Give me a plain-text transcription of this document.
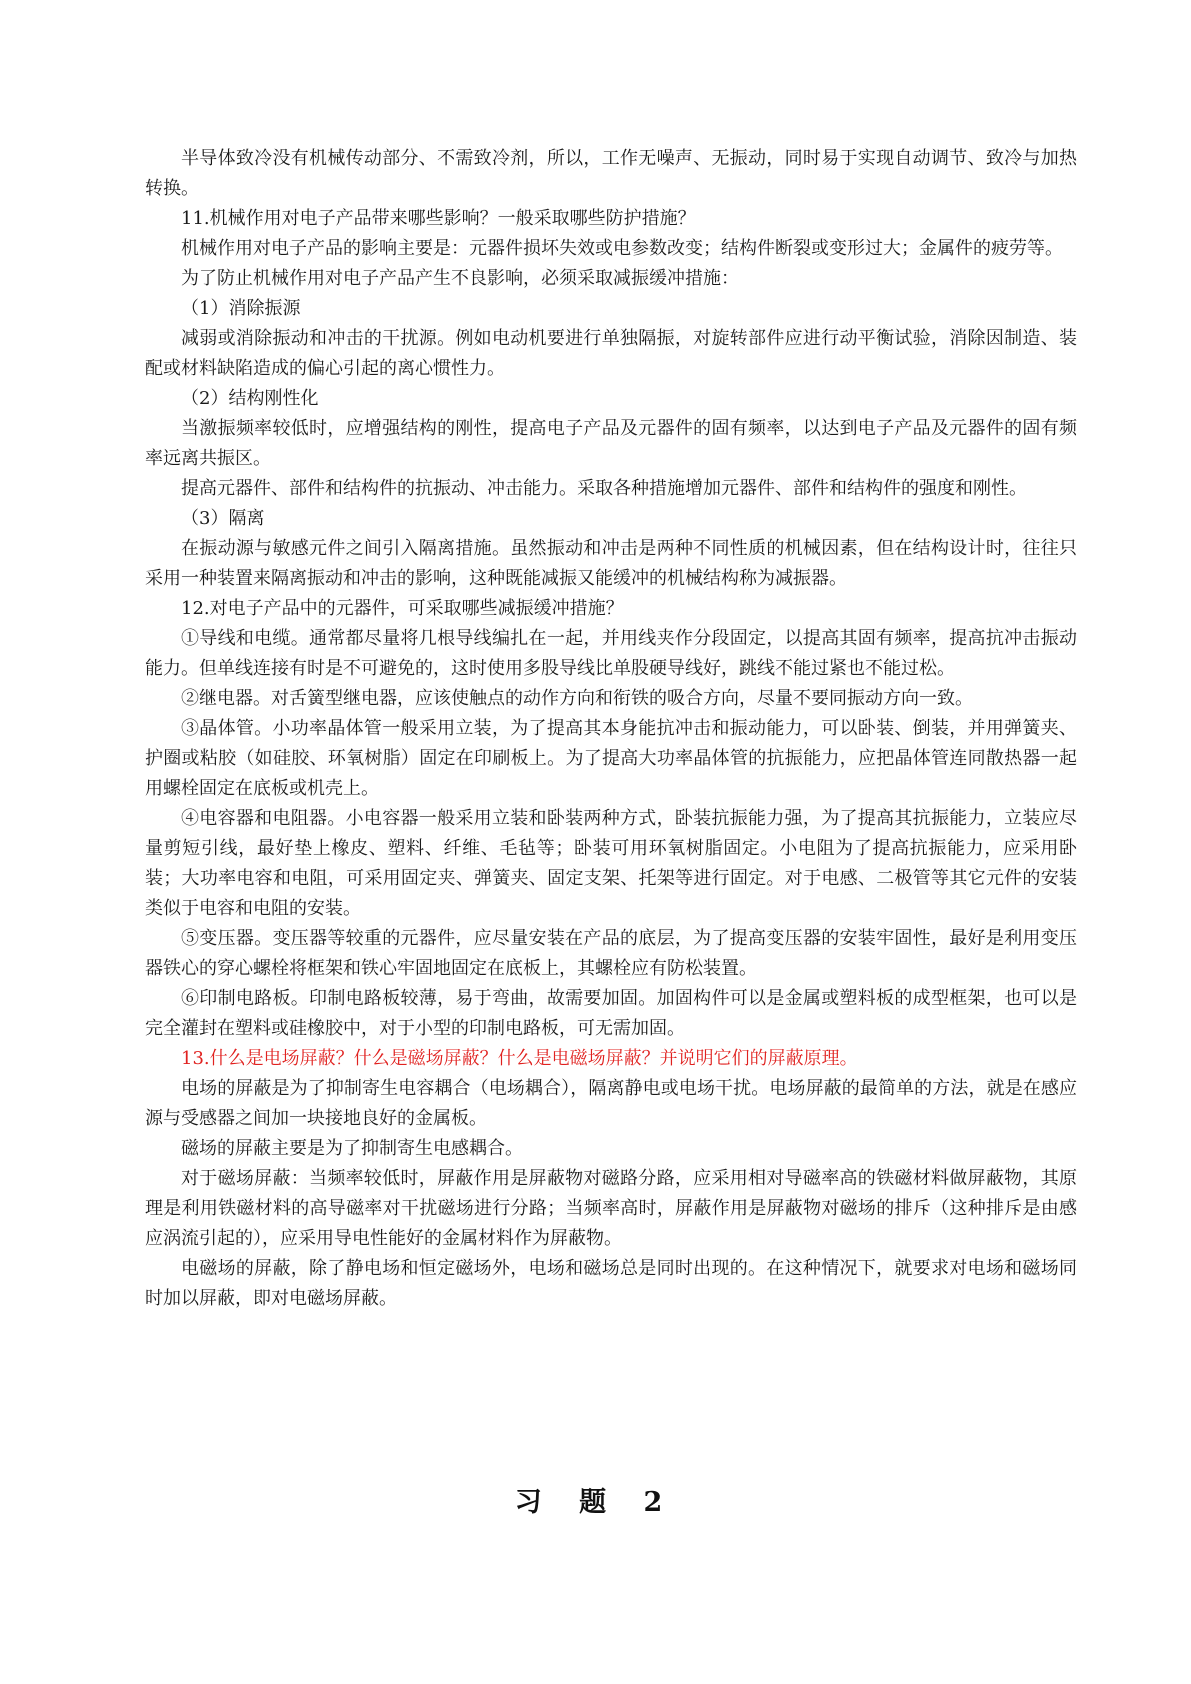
半导体致冷没有机械传动部分、不需致冷剂，所以，工作无噪声、无振动，同时易于实现自动调节、致冷与加热转换。

11.机械作用对电子产品带来哪些影响？一般采取哪些防护措施？

机械作用对电子产品的影响主要是：元器件损坏失效或电参数改变；结构件断裂或变形过大；金属件的疲劳等。

为了防止机械作用对电子产品产生不良影响，必须采取减振缓冲措施：

（1）消除振源

减弱或消除振动和冲击的干扰源。例如电动机要进行单独隔振，对旋转部件应进行动平衡试验，消除因制造、装配或材料缺陷造成的偏心引起的离心惯性力。

（2）结构刚性化

当激振频率较低时，应增强结构的刚性，提高电子产品及元器件的固有频率，以达到电子产品及元器件的固有频率远离共振区。

提高元器件、部件和结构件的抗振动、冲击能力。采取各种措施增加元器件、部件和结构件的强度和刚性。

（3）隔离

在振动源与敏感元件之间引入隔离措施。虽然振动和冲击是两种不同性质的机械因素，但在结构设计时，往往只采用一种装置来隔离振动和冲击的影响，这种既能减振又能缓冲的机械结构称为减振器。

12.对电子产品中的元器件，可采取哪些减振缓冲措施？

①导线和电缆。通常都尽量将几根导线编扎在一起，并用线夹作分段固定，以提高其固有频率，提高抗冲击振动能力。但单线连接有时是不可避免的，这时使用多股导线比单股硬导线好，跳线不能过紧也不能过松。

②继电器。对舌簧型继电器，应该使触点的动作方向和衔铁的吸合方向，尽量不要同振动方向一致。

③晶体管。小功率晶体管一般采用立装，为了提高其本身能抗冲击和振动能力，可以卧装、倒装，并用弹簧夹、护圈或粘胶（如硅胶、环氧树脂）固定在印刷板上。为了提高大功率晶体管的抗振能力，应把晶体管连同散热器一起用螺栓固定在底板或机壳上。

④电容器和电阻器。小电容器一般采用立装和卧装两种方式，卧装抗振能力强，为了提高其抗振能力，立装应尽量剪短引线，最好垫上橡皮、塑料、纤维、毛毡等；卧装可用环氧树脂固定。小电阻为了提高抗振能力，应采用卧装；大功率电容和电阻，可采用固定夹、弹簧夹、固定支架、托架等进行固定。对于电感、二极管等其它元件的安装类似于电容和电阻的安装。

⑤变压器。变压器等较重的元器件，应尽量安装在产品的底层，为了提高变压器的安装牢固性，最好是利用变压器铁心的穿心螺栓将框架和铁心牢固地固定在底板上，其螺栓应有防松装置。

⑥印制电路板。印制电路板较薄，易于弯曲，故需要加固。加固构件可以是金属或塑料板的成型框架，也可以是完全灌封在塑料或硅橡胶中，对于小型的印制电路板，可无需加固。

13.什么是电场屏蔽？什么是磁场屏蔽？什么是电磁场屏蔽？并说明它们的屏蔽原理。

电场的屏蔽是为了抑制寄生电容耦合（电场耦合），隔离静电或电场干扰。电场屏蔽的最简单的方法，就是在感应源与受感器之间加一块接地良好的金属板。

磁场的屏蔽主要是为了抑制寄生电感耦合。

对于磁场屏蔽：当频率较低时，屏蔽作用是屏蔽物对磁路分路，应采用相对导磁率高的铁磁材料做屏蔽物，其原理是利用铁磁材料的高导磁率对干扰磁场进行分路；当频率高时，屏蔽作用是屏蔽物对磁场的排斥（这种排斥是由感应涡流引起的），应采用导电性能好的金属材料作为屏蔽物。

电磁场的屏蔽，除了静电场和恒定磁场外，电场和磁场总是同时出现的。在这种情况下，就要求对电场和磁场同时加以屏蔽，即对电磁场屏蔽。

习 题 2
